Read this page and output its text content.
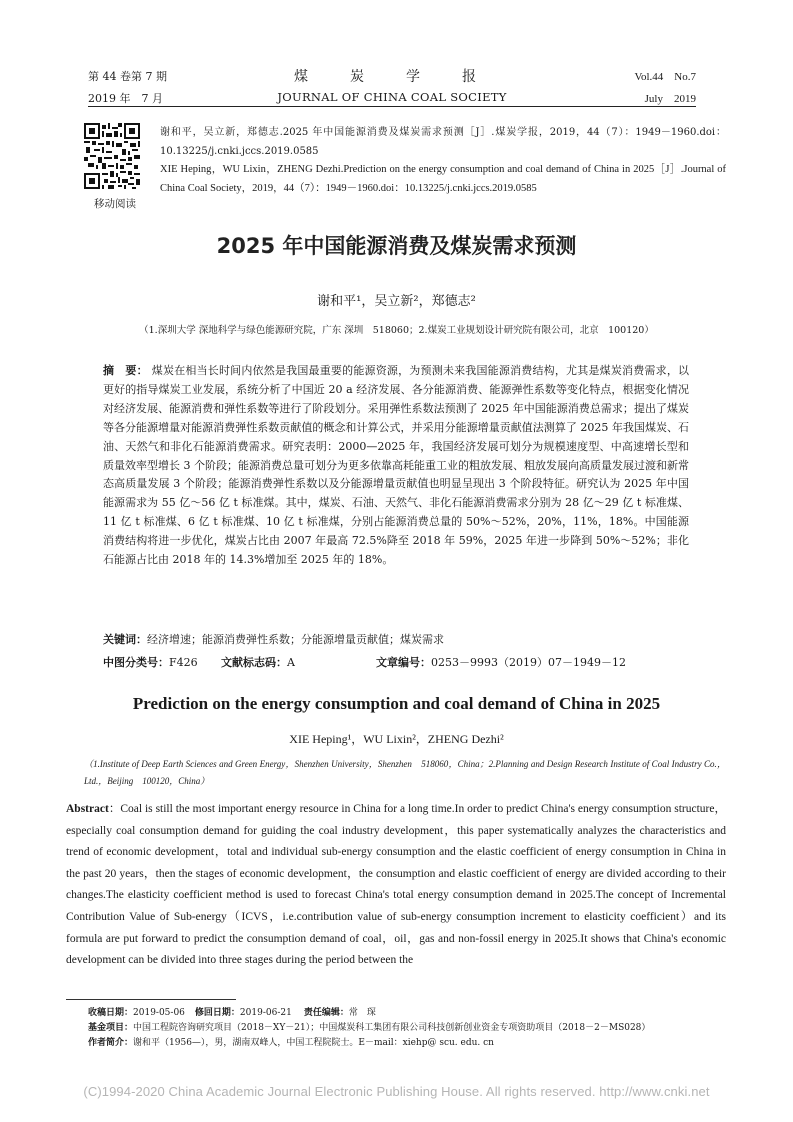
第 44 卷第 7 期
2019 年　7 月
煤　炭　学　报
JOURNAL OF CHINA COAL SOCIETY
Vol.44　No.7
July　2019
移动阅读

谢和平，吴立新，郑德志.2025 年中国能源消费及煤炭需求预测［J］.煤炭学报，2019，44（7）：1949－1960.doi：10.13225/j.cnki.jccs.2019.0585

XIE Heping，WU Lixin，ZHENG Dezhi.Prediction on the energy consumption and coal demand of China in 2025［J］.Journal of China Coal Society，2019，44（7）：1949－1960.doi：10.13225/j.cnki.jccs.2019.0585

2025 年中国能源消费及煤炭需求预测
谢和平¹，吴立新²，郑德志²
（1.深圳大学 深地科学与绿色能源研究院，广东 深圳　518060；2.煤炭工业规划设计研究院有限公司，北京　100120）
摘　要： 煤炭在相当长时间内依然是我国最重要的能源资源，为预测未来我国能源消费结构，尤其是煤炭消费需求，以更好的指导煤炭工业发展，系统分析了中国近 20 a 经济发展、各分能源消费、能源弹性系数等变化特点，根据变化情况对经济发展、能源消费和弹性系数等进行了阶段划分。采用弹性系数法预测了 2025 年中国能源消费总需求；提出了煤炭等各分能源增量对能源消费弹性系数贡献值的概念和计算公式，并采用分能源增量贡献值法测算了 2025 年我国煤炭、石油、天然气和非化石能源消费需求。研究表明：2000—2025 年，我国经济发展可划分为规模速度型、中高速增长型和质量效率型增长 3 个阶段；能源消费总量可划分为更多依靠高耗能重工业的粗放发展、粗放发展向高质量发展过渡和新常态高质量发展 3 个阶段；能源消费弹性系数以及分能源增量贡献值也明显呈现出 3 个阶段特征。研究认为 2025 年中国能源需求为 55 亿～56 亿 t 标准煤。其中，煤炭、石油、天然气、非化石能源消费需求分别为 28 亿～29 亿 t 标准煤、11 亿 t 标准煤、6 亿 t 标准煤、10 亿 t 标准煤，分别占能源消费总量的 50%～52%，20%，11%，18%。中国能源消费结构将进一步优化，煤炭占比由 2007 年最高 72.5%降至 2018 年 59%，2025 年进一步降到 50%～52%；非化石能源占比由 2018 年的 14.3%增加至 2025 年的 18%。
关键词：经济增速；能源消费弹性系数；分能源增量贡献值；煤炭需求
中图分类号：F426 文献标志码：A	文章编号：0253－9993（2019）07－1949－12
Prediction on the energy consumption and coal demand of China in 2025
XIE Heping¹，WU Lixin²，ZHENG Dezhi²
（1.Institute of Deep Earth Sciences and Green Energy，Shenzhen University，Shenzhen　518060，China；2.Planning and Design Research Institute of Coal Industry Co.，Ltd.，Beijing　100120，China）
Abstract：Coal is still the most important energy resource in China for a long time.In order to predict China's energy consumption structure，especially coal consumption demand for guiding the coal industry development，this paper systematically analyzes the characteristics and trend of economic development，total and individual sub-energy consumption and the elastic coefficient of energy consumption in China in the past 20 years，then the stages of economic development，the consumption and elastic coefficient of energy are divided according to their changes.The elasticity coefficient method is used to forecast China's total energy consumption demand in 2025.The concept of Incremental Contribution Value of Sub-energy（ICVS，i.e.contribution value of sub-energy consumption increment to elasticity coefficient）and its formula are put forward to predict the consumption demand of coal，oil，gas and non-fossil energy in 2025.It shows that China's economic development can be divided into three stages during the period between the
收稿日期：2019-05-06 修回日期：2019-06-21 责任编辑：常　琛
基金项目：中国工程院咨询研究项目（2018－XY－21）；中国煤炭科工集团有限公司科技创新创业资金专项资助项目（2018－2－MS028）
作者简介：谢和平（1956—），男，湖南双峰人，中国工程院院士。E－mail：xiehp@ scu. edu. cn
(C)1994-2020 China Academic Journal Electronic Publishing House. All rights reserved. http://www.cnki.net
